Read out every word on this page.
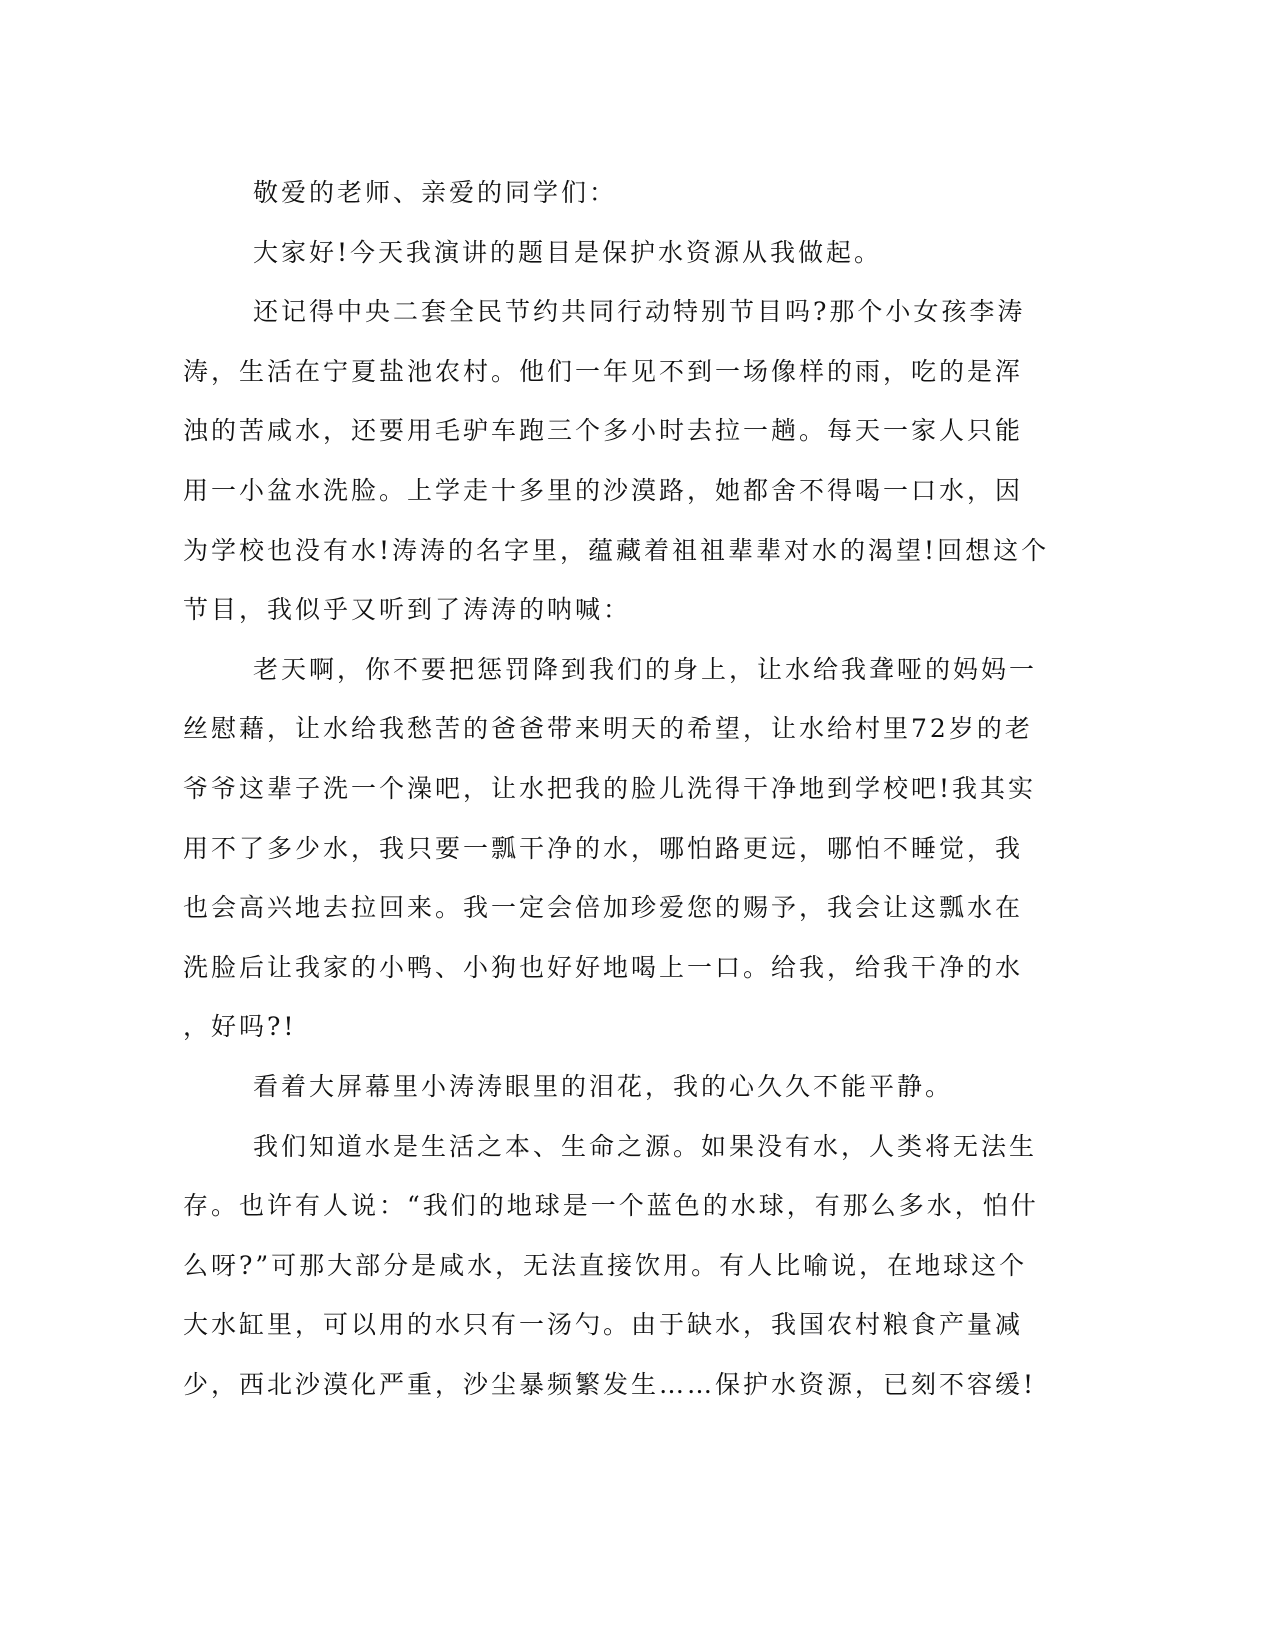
敬爱的老师、亲爱的同学们：
大家好!今天我演讲的题目是保护水资源从我做起。
还记得中央二套全民节约共同行动特别节目吗?那个小女孩李涛
涛，生活在宁夏盐池农村。他们一年见不到一场像样的雨，吃的是浑
浊的苦咸水，还要用毛驴车跑三个多小时去拉一趟。每天一家人只能
用一小盆水洗脸。上学走十多里的沙漠路，她都舍不得喝一口水，因
为学校也没有水!涛涛的名字里，蕴藏着祖祖辈辈对水的渴望!回想这个
节目，我似乎又听到了涛涛的呐喊：
老天啊，你不要把惩罚降到我们的身上，让水给我聋哑的妈妈一
丝慰藉，让水给我愁苦的爸爸带来明天的希望，让水给村里72岁的老
爷爷这辈子洗一个澡吧，让水把我的脸儿洗得干净地到学校吧!我其实
用不了多少水，我只要一瓢干净的水，哪怕路更远，哪怕不睡觉，我
也会高兴地去拉回来。我一定会倍加珍爱您的赐予，我会让这瓢水在
洗脸后让我家的小鸭、小狗也好好地喝上一口。给我，给我干净的水
，好吗?!
看着大屏幕里小涛涛眼里的泪花，我的心久久不能平静。
我们知道水是生活之本、生命之源。如果没有水，人类将无法生
存。也许有人说：“我们的地球是一个蓝色的水球，有那么多水，怕什
么呀?”可那大部分是咸水，无法直接饮用。有人比喻说，在地球这个
大水缸里，可以用的水只有一汤勺。由于缺水，我国农村粮食产量减
少，西北沙漠化严重，沙尘暴频繁发生……保护水资源，已刻不容缓!
